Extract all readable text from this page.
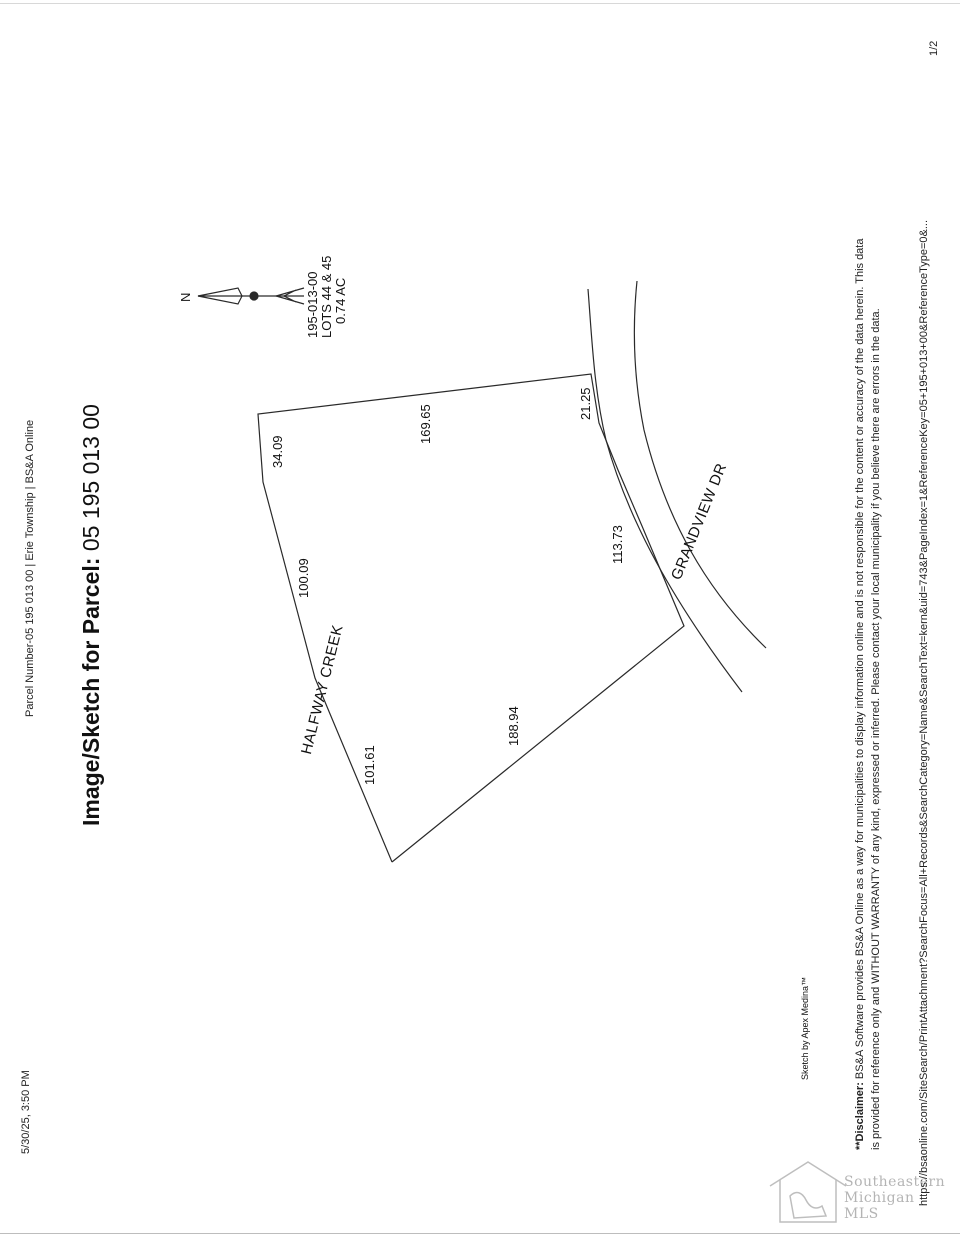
5/30/25, 3:50 PM
Parcel Number-05 195 013 00 | Erie Township | BS&A Online Image/Sketch for Parcel: 05 195 013 00
HALFWAY CREEK
GRANDVIEW DR
34.09
100.09
101.61
188.94
169.65
21.25
113.73
N	195-013-00 LOTS 44 & 45 0.74 AC
Sketch by Apex Medina™
**Disclaimer: BS&A Software provides BS&A Online as a way for municipalities to display information online and is not responsible for the content or accuracy of the data herein. This data is provided for reference only and WITHOUT WARRANTY of any kind, expressed or inferred. Please contact your local municipality if you believe there are errors in the data.	https://bsaonline.com/SiteSearch/PrintAttachment?SearchFocus=All+Records&SearchCategory=Name&SearchText=kern&uid=743&PageIndex=1&ReferenceKey=05+195+013+00&ReferenceType=0&...
1/2
Southeastern
Michigan
MLS
